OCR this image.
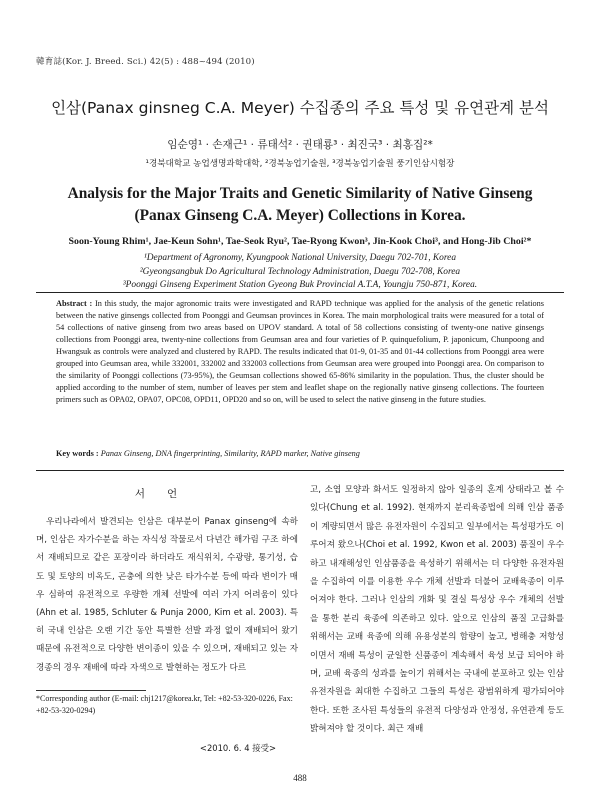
韓育誌(Kor. J. Breed. Sci.) 42(5) : 488~494 (2010)
인삼(Panax ginsneg C.A. Meyer) 수집종의 주요 특성 및 유연관계 분석
임순영¹ · 손재근¹ · 류태석² · 권태룡³ · 최진국³ · 최홍집²*
¹경북대학교 농업생명과학대학, ²경북농업기술원, ³경북농업기술원 풍기인삼시험장
Analysis for the Major Traits and Genetic Similarity of Native Ginseng
(Panax Ginseng C.A. Meyer) Collections in Korea.
Soon-Young Rhim¹, Jae-Keun Sohn¹, Tae-Seok Ryu², Tae-Ryong Kwon³, Jin-Kook Choi³, and Hong-Jib Choi²*
¹Department of Agronomy, Kyungpook National University, Daegu 702-701, Korea
²Gyeongsangbuk Do Agricultural Technology Administration, Daegu 702-708, Korea
³Poonggi Ginseng Experiment Station Gyeong Buk Provincial A.T.A, Youngju 750-871, Korea.
Abstract : In this study, the major agronomic traits were investigated and RAPD technique was applied for the analysis of the genetic relations between the native ginsengs collected from Poonggi and Geumsan provinces in Korea. The main morphological traits were measured for a total of 54 collections of native ginseng from two areas based on UPOV standard. A total of 58 collections consisting of twenty-one native ginsengs collections from Poonggi area, twenty-nine collections from Geumsan area and four varieties of P. quinquefolium, P. japonicum, Chunpoong and Hwangsuk as controls were analyzed and clustered by RAPD. The results indicated that 01-9, 01-35 and 01-44 collections from Poonggi area were grouped into Geumsan area, while 332001, 332002 and 332003 collections from Geumsan area were grouped into Poonggi area. On comparison to the similarity of Poonggi collections (73-95%), the Geumsan collections showed 65-86% similarity in the population. Thus, the cluster should be applied according to the number of stem, number of leaves per stem and leaflet shape on the regionally native ginseng collections. The fourteen primers such as OPA02, OPA07, OPC08, OPD11, OPD20 and so on, will be used to select the native ginseng in the future studies.
Key words : Panax Ginseng, DNA fingerprinting, Similarity, RAPD marker, Native ginseng
서언

우리나라에서 발견되는 인삼은 대부분이 Panax ginseng에 속하며, 인삼은 자가수분을 하는 자식성 작물로서 다년간 해가림 구조 하에서 재배되므로 같은 포장이라 하더라도 재식위치, 수광량, 통기성, 습도 및 토양의 비옥도, 곤충에 의한 낮은 타가수분 등에 따라 변이가 매우 심하여 유전적으로 우량한 개체 선발에 여러 가지 어려움이 있다(Ahn et al. 1985, Schluter & Punja 2000, Kim et al. 2003). 특히 국내 인삼은 오랜 기간 동안 특별한 선발 과정 없이 재배되어 왔기 때문에 유전적으로 다양한 변이종이 있을 수 있으며, 재배되고 있는 자경종의 경우 재배에 따라 자색으로 발현하는 정도가 다르

고, 소엽 모양과 화서도 일정하지 않아 일종의 혼계 상태라고 볼 수 있다(Chung et al. 1992). 현재까지 분리육종법에 의해 인삼 품종이 계량되면서 많은 유전자원이 수집되고 일부에서는 특성평가도 이루어져 왔으나(Choi et al. 1992, Kwon et al. 2003) 품질이 우수하고 내재해성인 인삼품종을 육성하기 위해서는 더 다양한 유전자원을 수집하여 이를 이용한 우수 개체 선발과 더불어 교배육종이 이루어져야 한다. 그러나 인삼의 개화 및 결실 특성상 우수 개체의 선발을 통한 분리 육종에 의존하고 있다. 앞으로 인삼의 품질 고급화를 위해서는 교배 육종에 의해 유용성분의 함량이 높고, 병해충 저항성이면서 재배 특성이 균일한 신품종이 계속해서 육성 보급 되어야 하며, 교배 육종의 성과를 높이기 위해서는 국내에 분포하고 있는 인삼 유전자원을 최대한 수집하고 그들의 특성은 광범위하게 평가되어야 한다. 또한 조사된 특성들의 유전적 다양성과 안정성, 유연관계 등도 밝혀져야 할 것이다. 최근 재배

*Corresponding author (E-mail: chj1217@korea.kr, Tel: +82-53-320-0226, Fax: +82-53-320-0294)
<2010. 6. 4 接受>
488
